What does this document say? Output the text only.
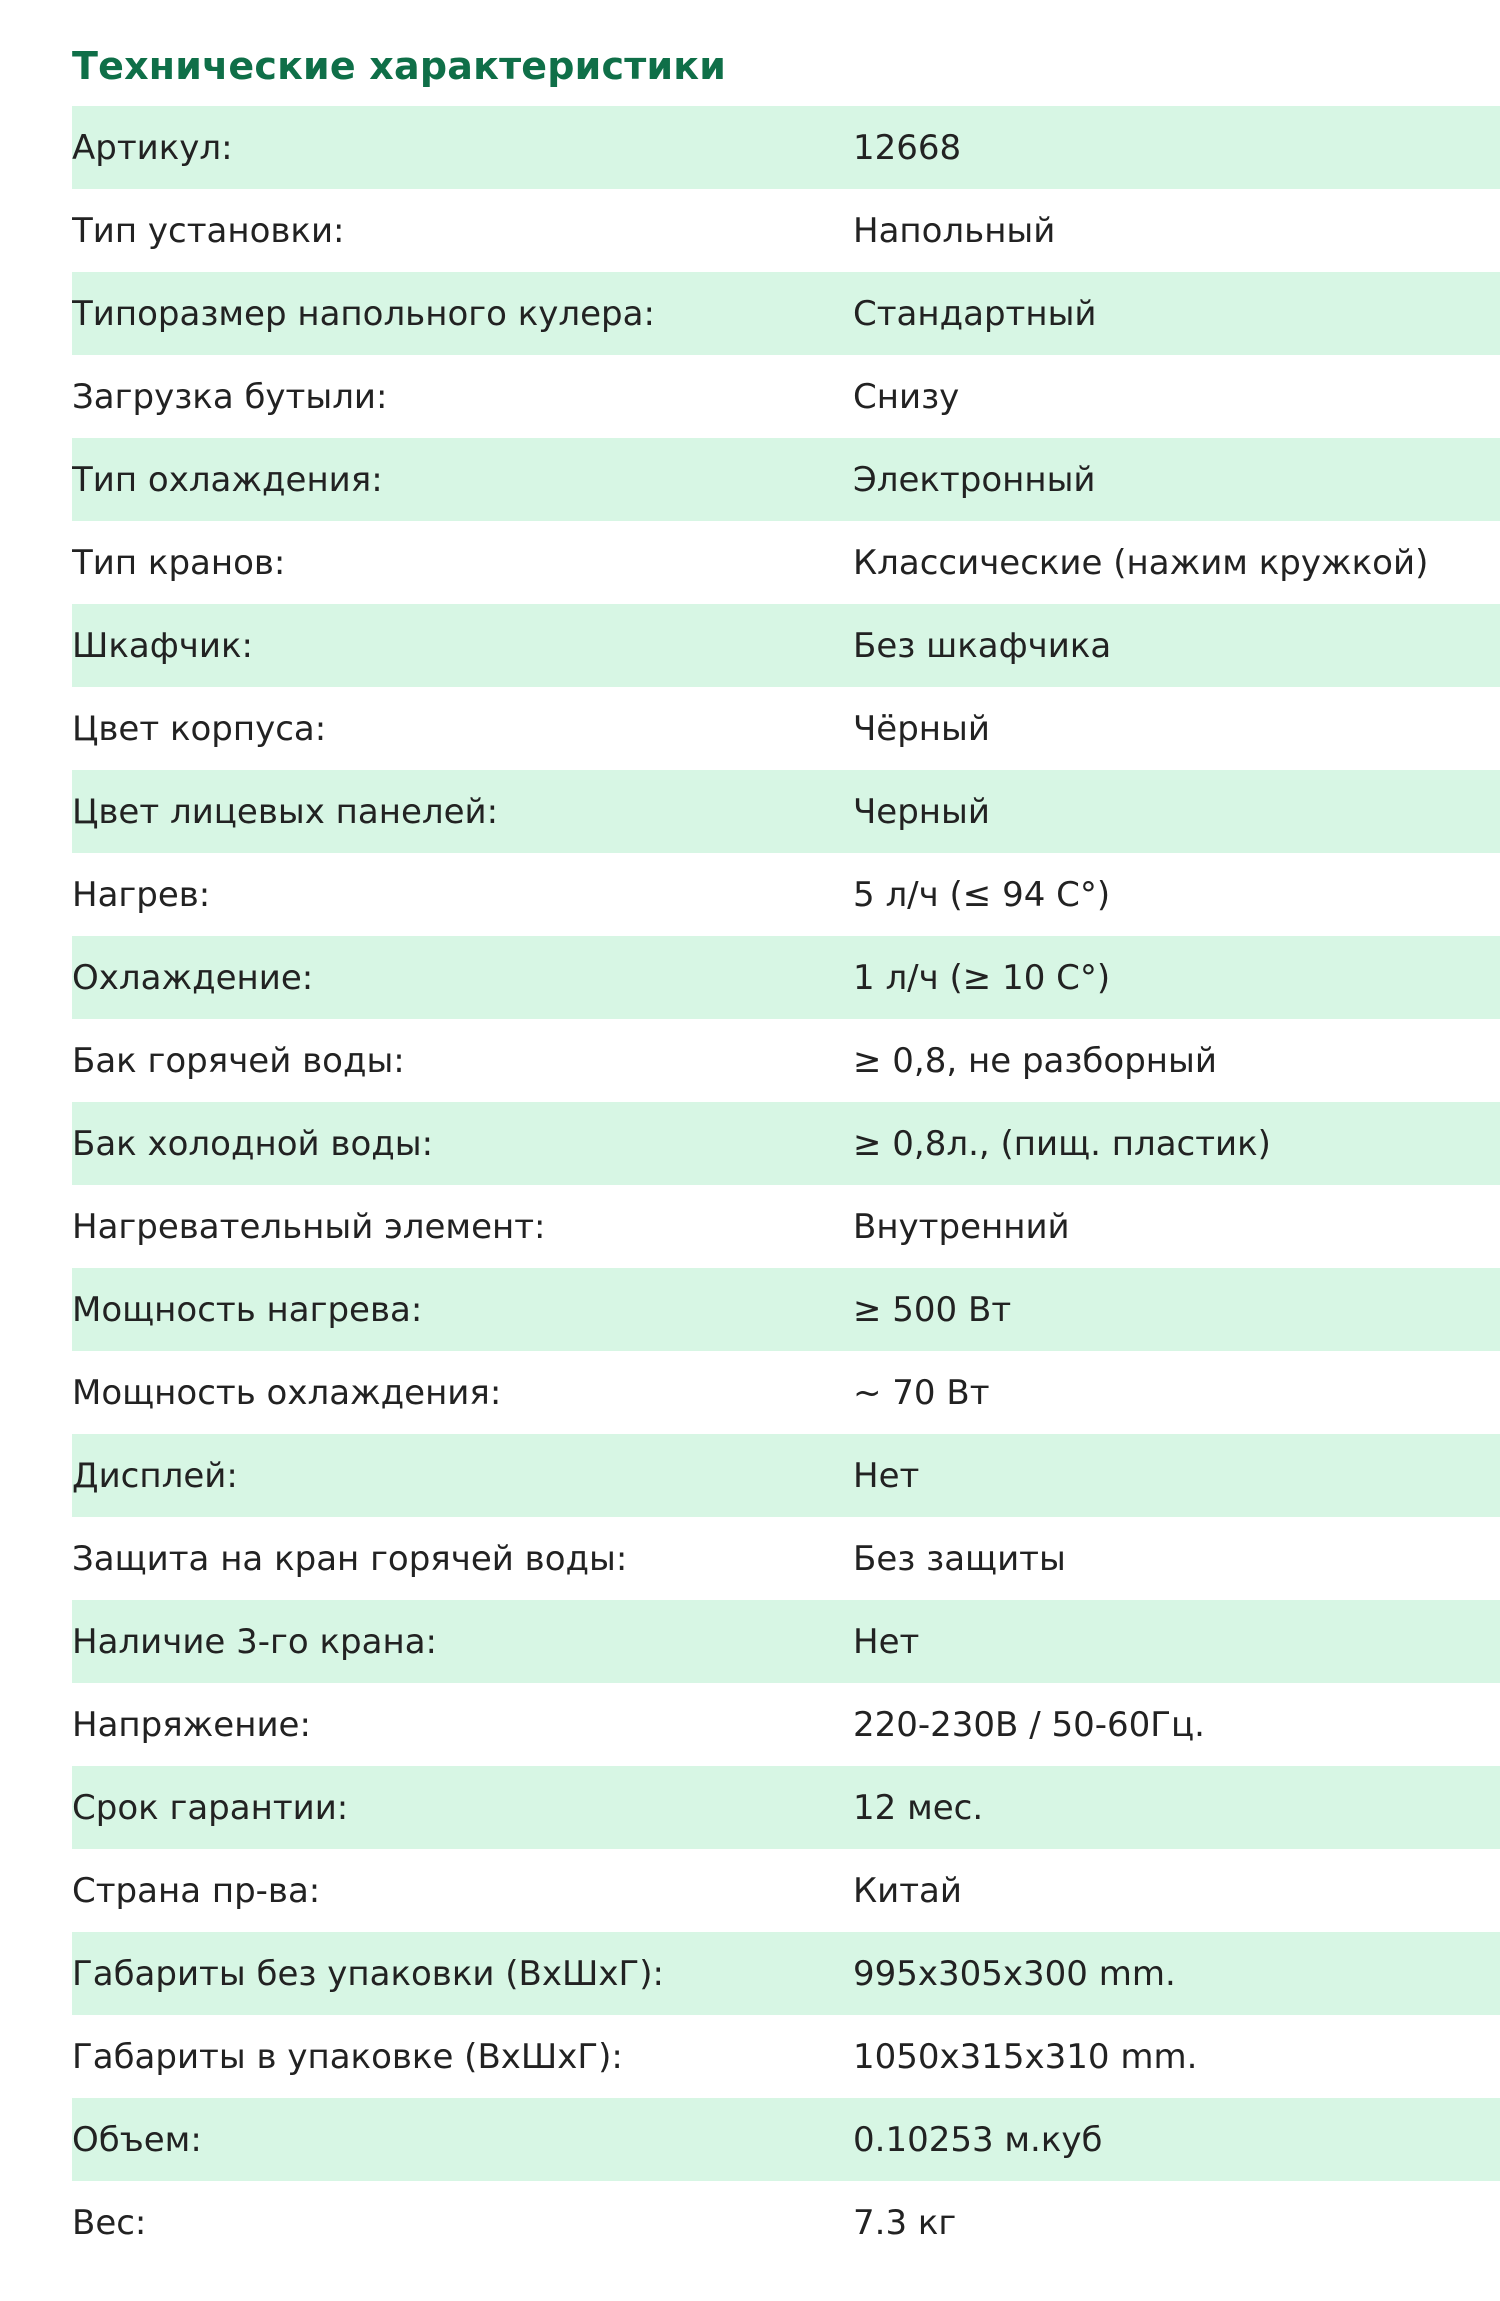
Технические характеристики
Артикул:	12668
Тип установки:	Напольный
Типоразмер напольного кулера:	Стандартный
Загрузка бутыли:	Снизу
Тип охлаждения:	Электронный
Тип кранов:	Классические (нажим кружкой)
Шкафчик:	Без шкафчика
Цвет корпуса:	Чёрный
Цвет лицевых панелей:	Черный
Нагрев:	5 л/ч (≤ 94 С°)
Охлаждение:	1 л/ч (≥ 10 С°)
Бак горячей воды:	≥ 0,8, не разборный
Бак холодной воды:	≥ 0,8л., (пищ. пластик)
Нагревательный элемент:	Внутренний
Мощность нагрева:	≥ 500 Вт
Мощность охлаждения:	~ 70 Вт
Дисплей:	Нет
Защита на кран горячей воды:	Без защиты
Наличие 3-го крана:	Нет
Напряжение:	220-230В / 50-60Гц.
Срок гарантии:	12 мес.
Страна пр-ва:	Китай
Габариты без упаковки (ВхШхГ):	995x305x300 mm.
Габариты в упаковке (ВхШхГ):	1050x315x310 mm.
Объем:	0.10253 м.куб
Вес:	7.3 кг
